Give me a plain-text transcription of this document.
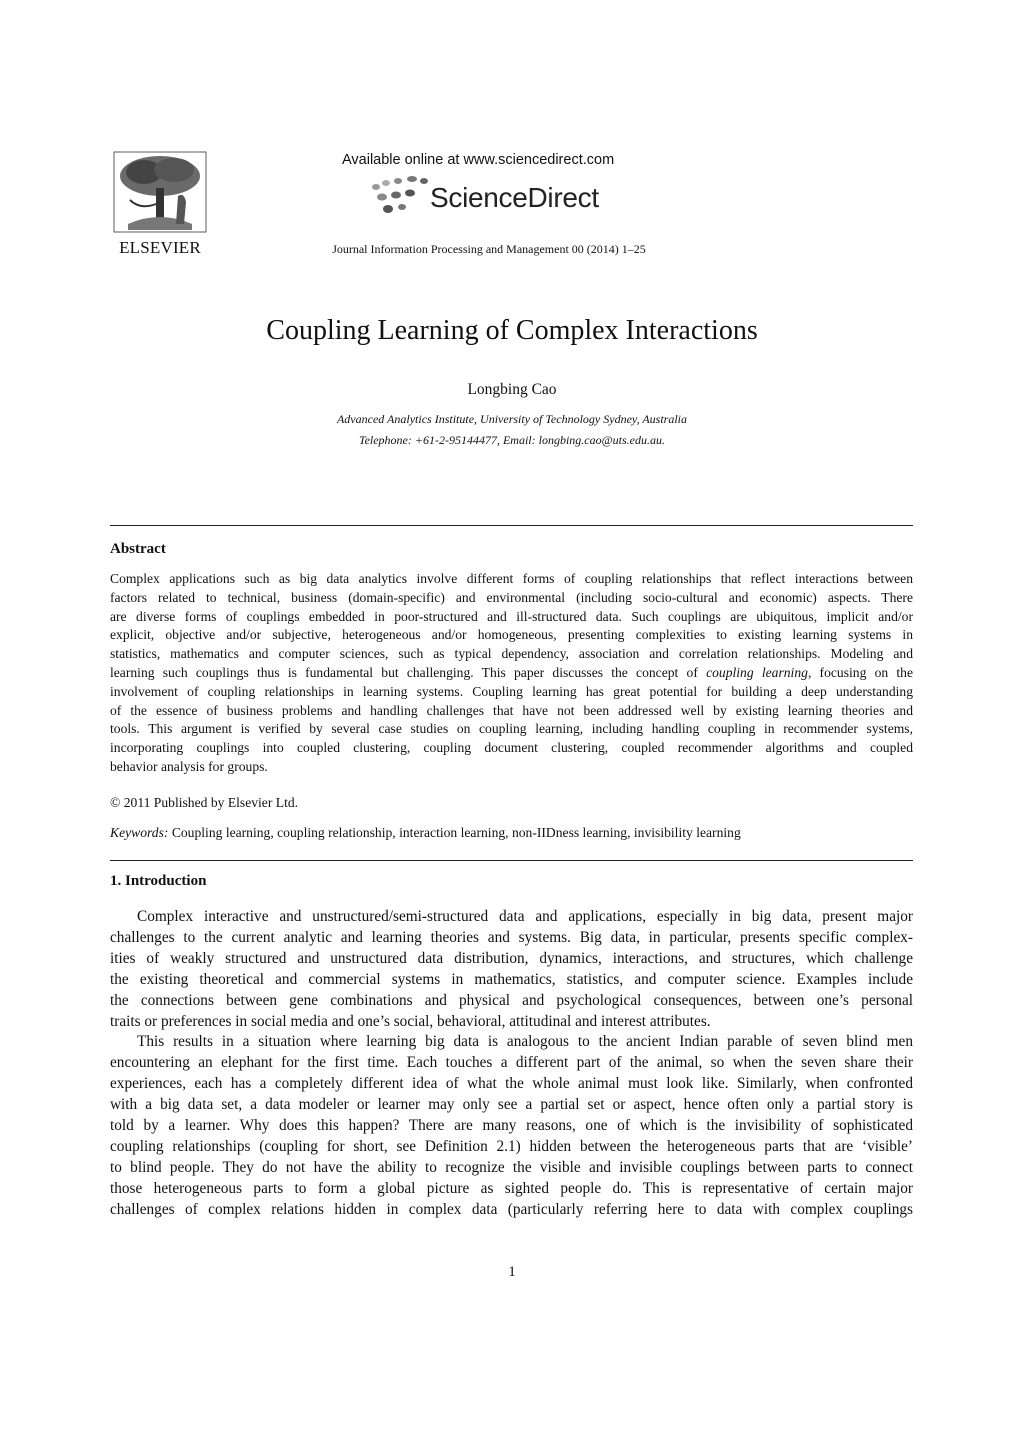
ELSEVIER
Available online at www.sciencedirect.com
ScienceDirect
Journal Information Processing and Management 00 (2014) 1–25
Coupling Learning of Complex Interactions
Longbing Cao
Advanced Analytics Institute, University of Technology Sydney, Australia
Telephone: +61-2-95144477, Email: longbing.cao@uts.edu.au.
Abstract
Complex applications such as big data analytics involve different forms of coupling relationships that reflect interactions between
factors related to technical, business (domain-specific) and environmental (including socio-cultural and economic) aspects. There
are diverse forms of couplings embedded in poor-structured and ill-structured data. Such couplings are ubiquitous, implicit and/or
explicit, objective and/or subjective, heterogeneous and/or homogeneous, presenting complexities to existing learning systems in
statistics, mathematics and computer sciences, such as typical dependency, association and correlation relationships. Modeling and
learning such couplings thus is fundamental but challenging. This paper discusses the concept of coupling learning, focusing on the
involvement of coupling relationships in learning systems. Coupling learning has great potential for building a deep understanding
of the essence of business problems and handling challenges that have not been addressed well by existing learning theories and
tools. This argument is verified by several case studies on coupling learning, including handling coupling in recommender systems,
incorporating couplings into coupled clustering, coupling document clustering, coupled recommender algorithms and coupled
behavior analysis for groups.
© 2011 Published by Elsevier Ltd.
Keywords: Coupling learning, coupling relationship, interaction learning, non-IIDness learning, invisibility learning
1. Introduction
Complex interactive and unstructured/semi-structured data and applications, especially in big data, present major
challenges to the current analytic and learning theories and systems. Big data, in particular, presents specific complex-
ities of weakly structured and unstructured data distribution, dynamics, interactions, and structures, which challenge
the existing theoretical and commercial systems in mathematics, statistics, and computer science. Examples include
the connections between gene combinations and physical and psychological consequences, between one’s personal
traits or preferences in social media and one’s social, behavioral, attitudinal and interest attributes.
This results in a situation where learning big data is analogous to the ancient Indian parable of seven blind men
encountering an elephant for the first time. Each touches a different part of the animal, so when the seven share their
experiences, each has a completely different idea of what the whole animal must look like. Similarly, when confronted
with a big data set, a data modeler or learner may only see a partial set or aspect, hence often only a partial story is
told by a learner. Why does this happen? There are many reasons, one of which is the invisibility of sophisticated
coupling relationships (coupling for short, see Definition 2.1) hidden between the heterogeneous parts that are ‘visible’
to blind people. They do not have the ability to recognize the visible and invisible couplings between parts to connect
those heterogeneous parts to form a global picture as sighted people do. This is representative of certain major
challenges of complex relations hidden in complex data (particularly referring here to data with complex couplings
1
